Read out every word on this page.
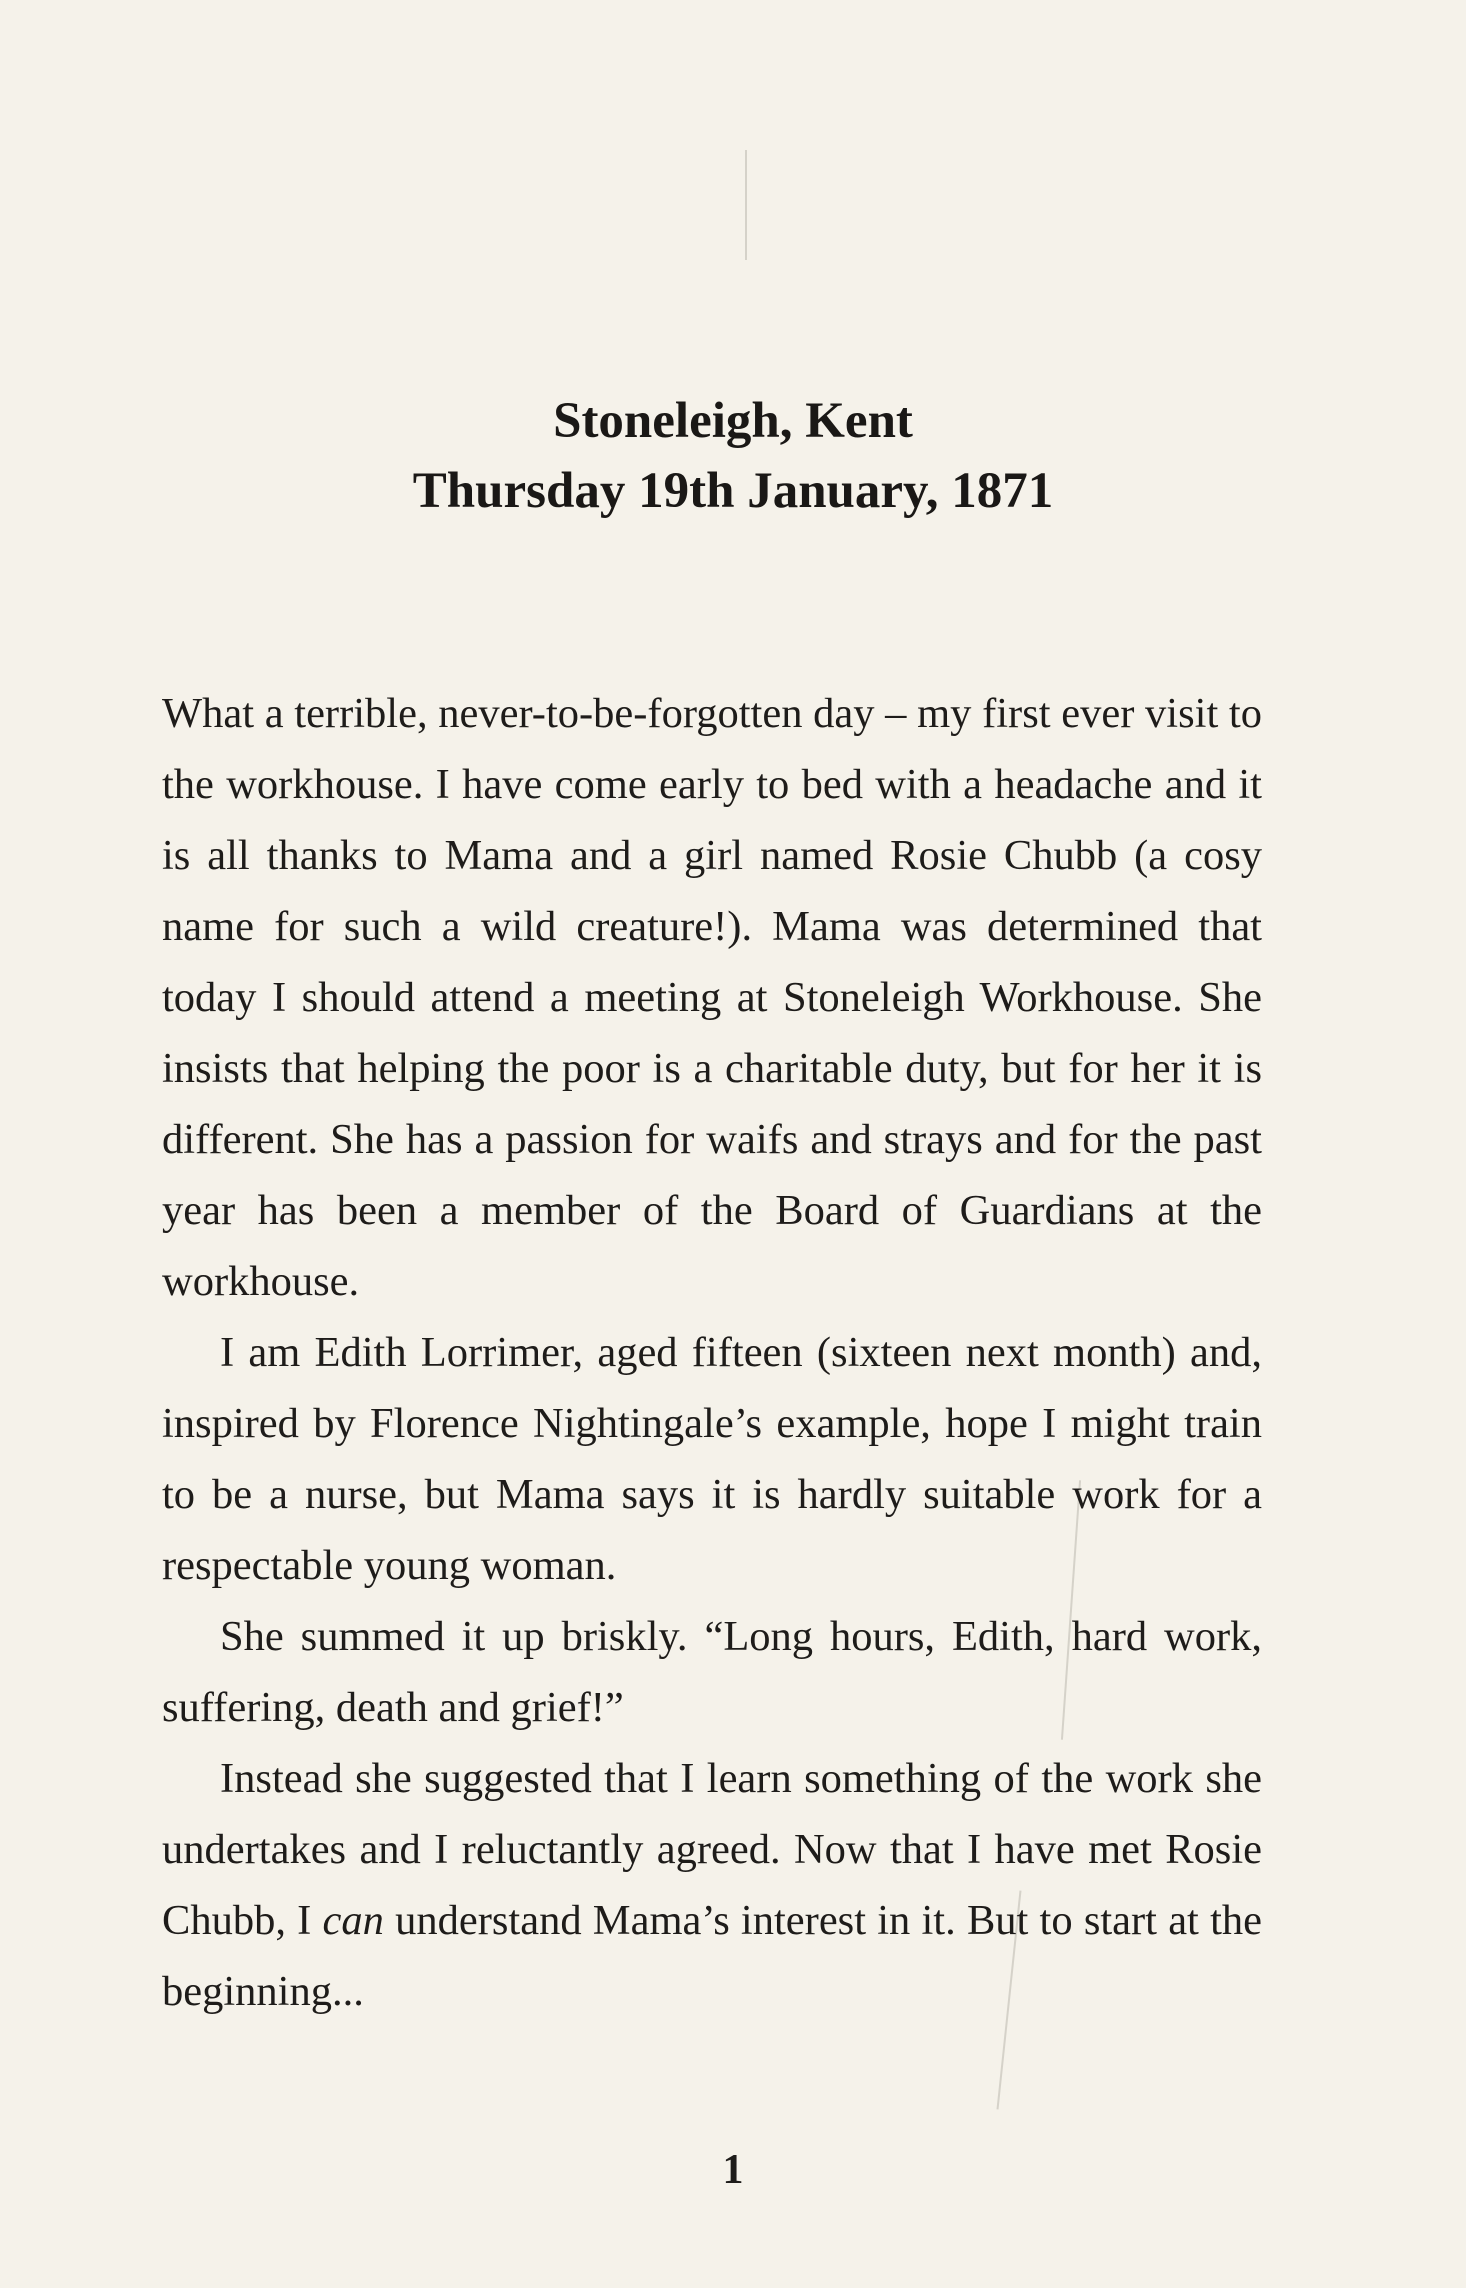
Stoneleigh, Kent
Thursday 19th January, 1871

What a terrible, never-to-be-forgotten day – my first ever visit to the workhouse. I have come early to bed with a headache and it is all thanks to Mama and a girl named Rosie Chubb (a cosy name for such a wild creature!). Mama was determined that today I should attend a meeting at Stoneleigh Workhouse. She insists that helping the poor is a charitable duty, but for her it is different. She has a passion for waifs and strays and for the past year has been a member of the Board of Guardians at the workhouse.

I am Edith Lorrimer, aged fifteen (sixteen next month) and, inspired by Florence Nightingale’s example, hope I might train to be a nurse, but Mama says it is hardly suitable work for a respectable young woman.

She summed it up briskly. “Long hours, Edith, hard work, suffering, death and grief!”

Instead she suggested that I learn something of the work she undertakes and I reluctantly agreed. Now that I have met Rosie Chubb, I can understand Mama’s interest in it. But to start at the beginning...

1
